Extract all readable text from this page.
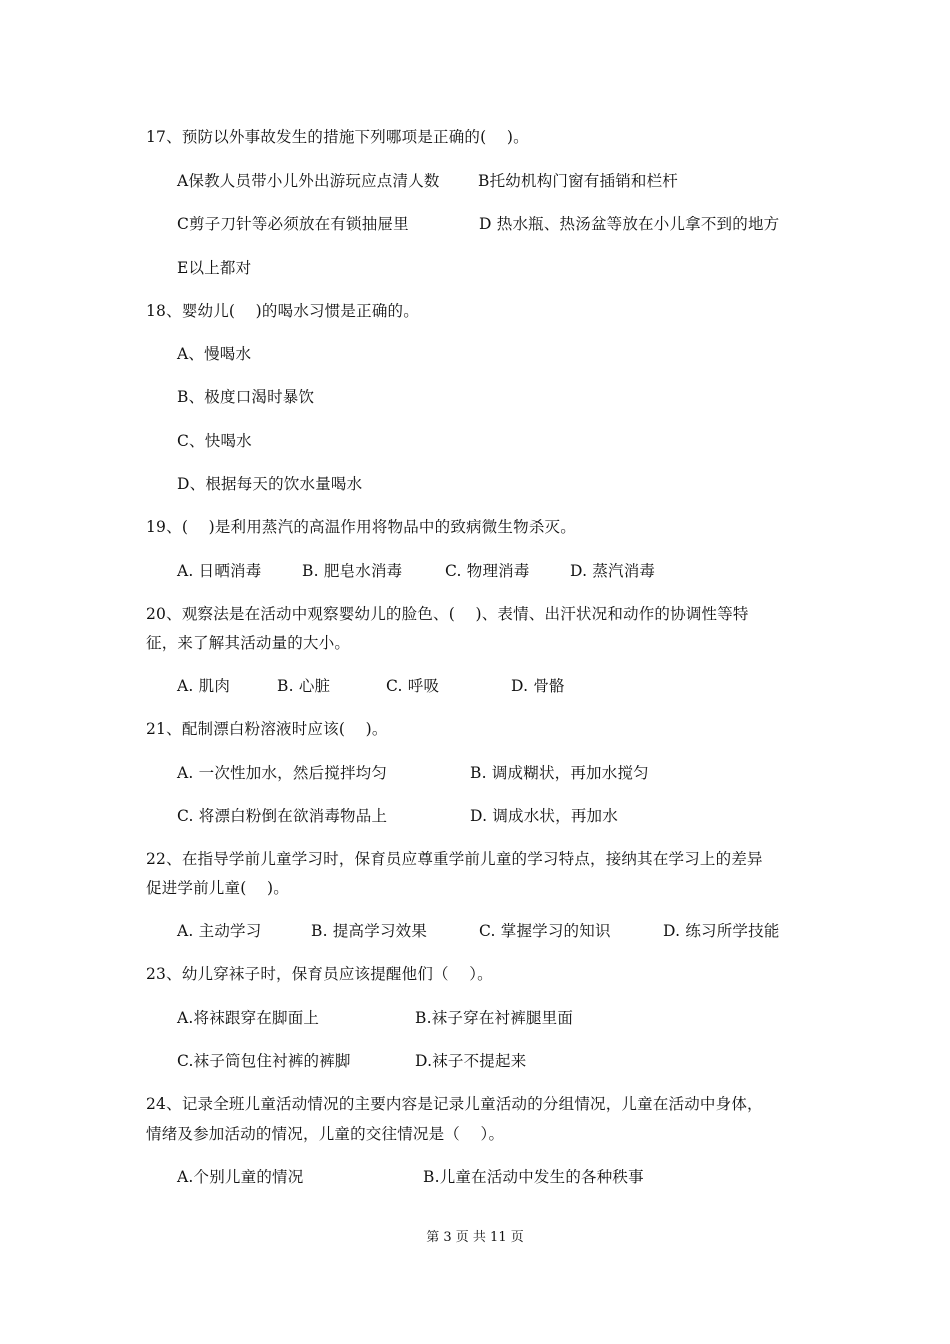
17、预防以外事故发生的措施下列哪项是正确的(    )。
A保教人员带小儿外出游玩应点清人数 B托幼机构门窗有插销和栏杆
C剪子刀针等必须放在有锁抽屉里	D 热水瓶、热汤盆等放在小儿拿不到的地方
E以上都对
18、婴幼儿(    )的喝水习惯是正确的。
A、慢喝水
B、极度口渴时暴饮
C、快喝水
D、根据每天的饮水量喝水
19、(    )是利用蒸汽的高温作用将物品中的致病微生物杀灭。
A. 日晒消毒	B. 肥皂水消毒	C. 物理消毒	D. 蒸汽消毒
20、观察法是在活动中观察婴幼儿的脸色、(    )、表情、出汗状况和动作的协调性等特
征，来了解其活动量的大小。
A. 肌肉	B. 心脏	C. 呼吸	D. 骨骼
21、配制漂白粉溶液时应该(    )。
A. 一次性加水，然后搅拌均匀	B. 调成糊状，再加水搅匀
C. 将漂白粉倒在欲消毒物品上	D. 调成水状，再加水
22、在指导学前儿童学习时，保育员应尊重学前儿童的学习特点，接纳其在学习上的差异
促进学前儿童(    )。
A. 主动学习	B. 提高学习效果	C. 掌握学习的知识	D. 练习所学技能
23、幼儿穿袜子时，保育员应该提醒他们（    ）。
A.将袜跟穿在脚面上	B.袜子穿在衬裤腿里面
C.袜子筒包住衬裤的裤脚	D.袜子不提起来
24、记录全班儿童活动情况的主要内容是记录儿童活动的分组情况，儿童在活动中身体，
情绪及参加活动的情况，儿童的交往情况是（    ）。
A.个别儿童的情况	B.儿童在活动中发生的各种秩事
第 3 页 共 11 页
